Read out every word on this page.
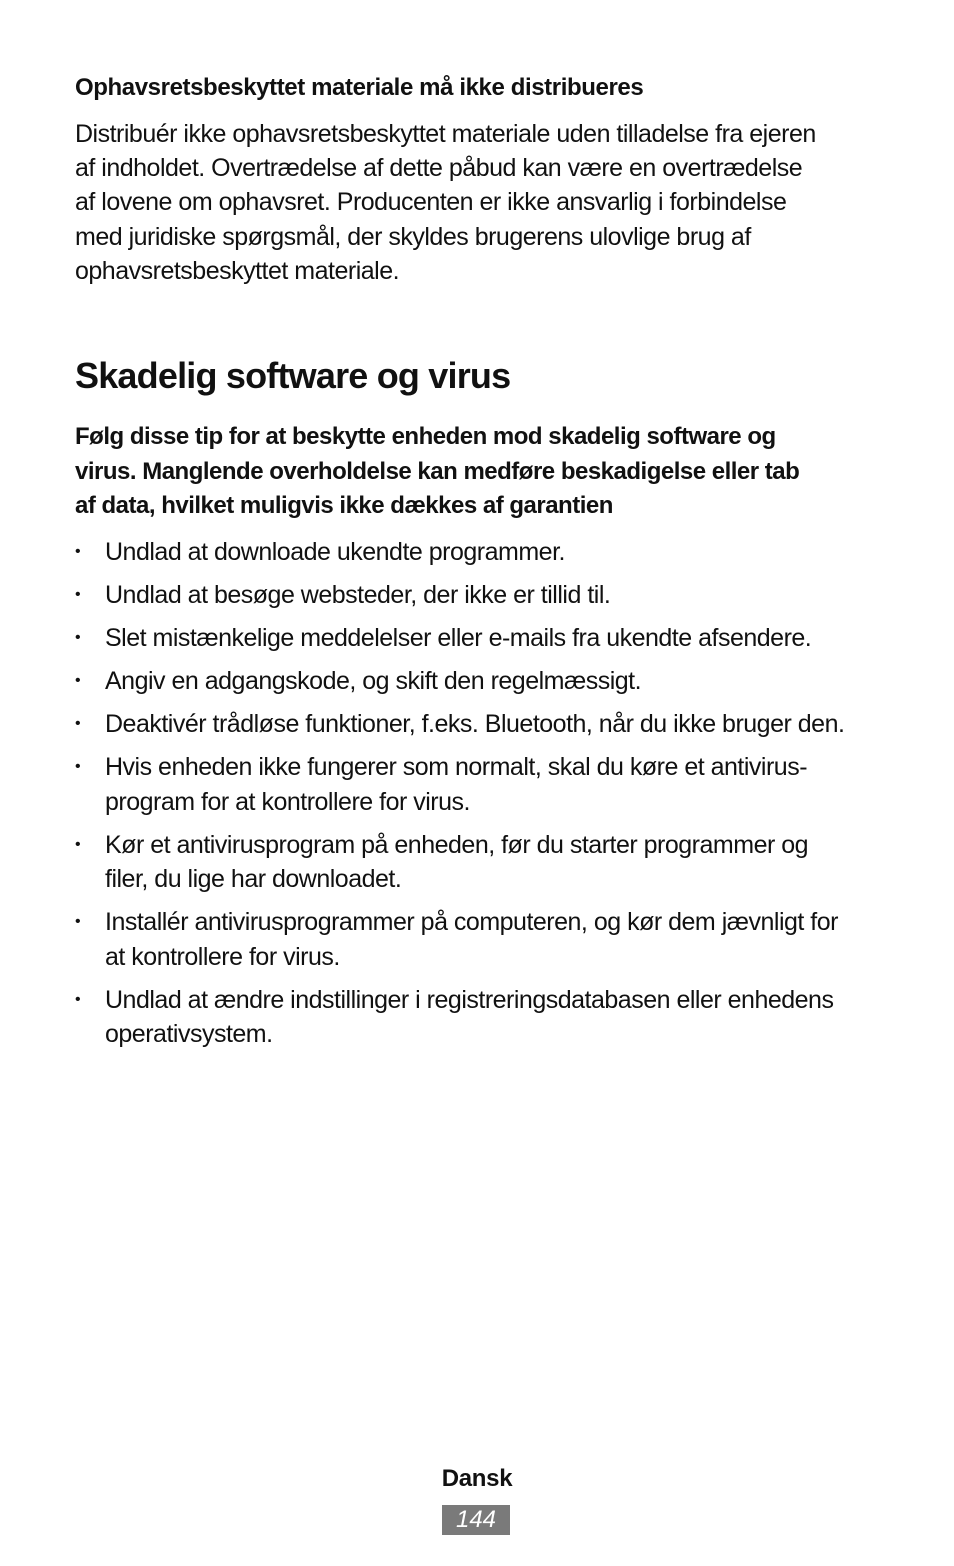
Ophavsretsbeskyttet materiale må ikke distribueres

Distribuér ikke ophavsretsbeskyttet materiale uden tilladelse fra ejeren
af indholdet. Overtrædelse af dette påbud kan være en overtrædelse
af lovene om ophavsret. Producenten er ikke ansvarlig i forbindelse
med juridiske spørgsmål, der skyldes brugerens ulovlige brug af
ophavsretsbeskyttet materiale.

Skadelig software og virus

Følg disse tip for at beskytte enheden mod skadelig software og
virus. Manglende overholdelse kan medføre beskadigelse eller tab
af data, hvilket muligvis ikke dækkes af garantien

• Undlad at downloade ukendte programmer.
• Undlad at besøge websteder, der ikke er tillid til.
• Slet mistænkelige meddelelser eller e-mails fra ukendte afsendere.
• Angiv en adgangskode, og skift den regelmæssigt.
• Deaktivér trådløse funktioner, f.eks. Bluetooth, når du ikke bruger den.
• Hvis enheden ikke fungerer som normalt, skal du køre et antivirus-
program for at kontrollere for virus.
• Kør et antivirusprogram på enheden, før du starter programmer og
filer, du lige har downloadet.
• Installér antivirusprogrammer på computeren, og kør dem jævnligt for
at kontrollere for virus.
• Undlad at ændre indstillinger i registreringsdatabasen eller enhedens
operativsystem.
Dansk
144
